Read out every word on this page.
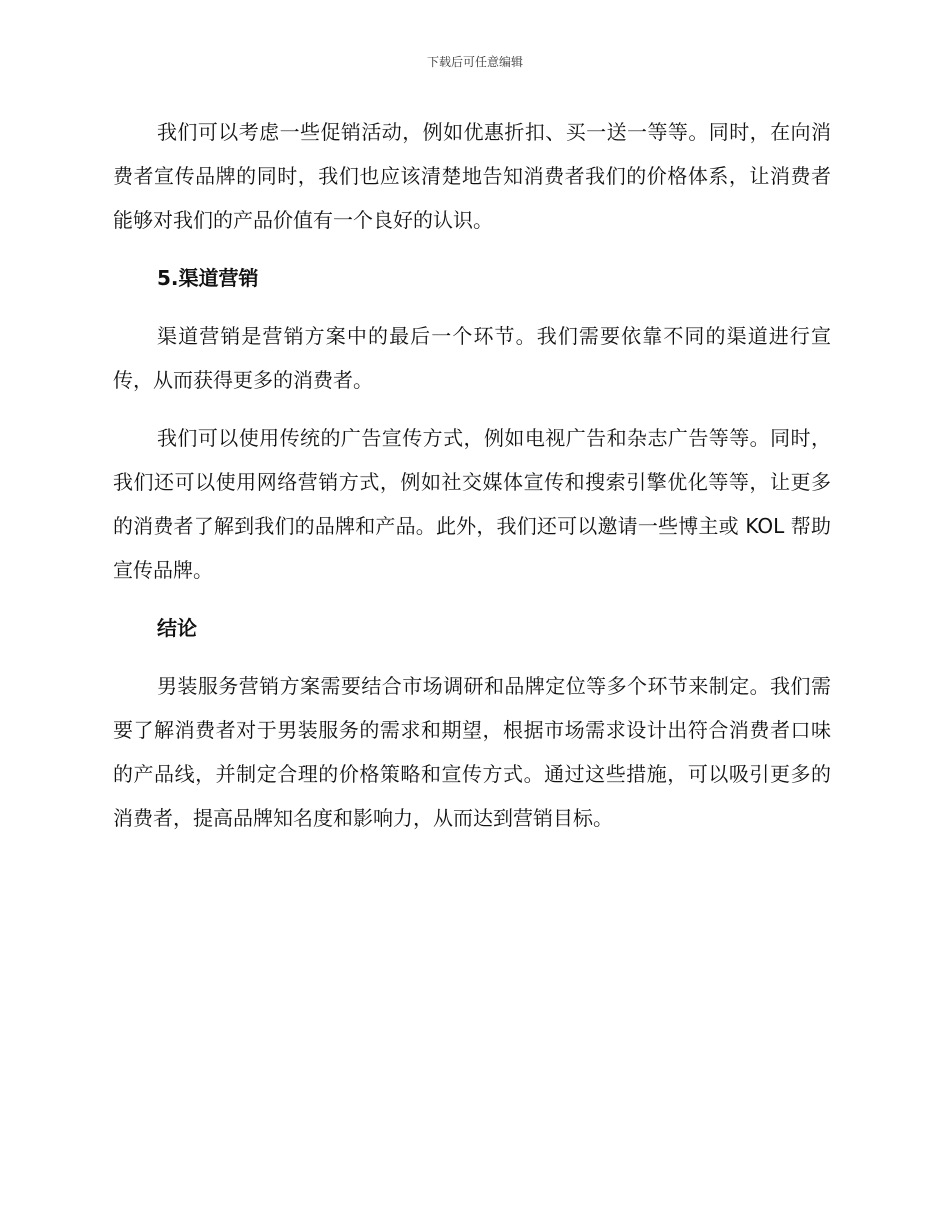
下载后可任意编辑

我们可以考虑一些促销活动，例如优惠折扣、买一送一等等。同时，在向消费者宣传品牌的同时，我们也应该清楚地告知消费者我们的价格体系，让消费者能够对我们的产品价值有一个良好的认识。

5.渠道营销

渠道营销是营销方案中的最后一个环节。我们需要依靠不同的渠道进行宣传，从而获得更多的消费者。

我们可以使用传统的广告宣传方式，例如电视广告和杂志广告等等。同时，我们还可以使用网络营销方式，例如社交媒体宣传和搜索引擎优化等等，让更多的消费者了解到我们的品牌和产品。此外，我们还可以邀请一些博主或 KOL 帮助宣传品牌。

结论

男装服务营销方案需要结合市场调研和品牌定位等多个环节来制定。我们需要了解消费者对于男装服务的需求和期望，根据市场需求设计出符合消费者口味的产品线，并制定合理的价格策略和宣传方式。通过这些措施，可以吸引更多的消费者，提高品牌知名度和影响力，从而达到营销目标。
